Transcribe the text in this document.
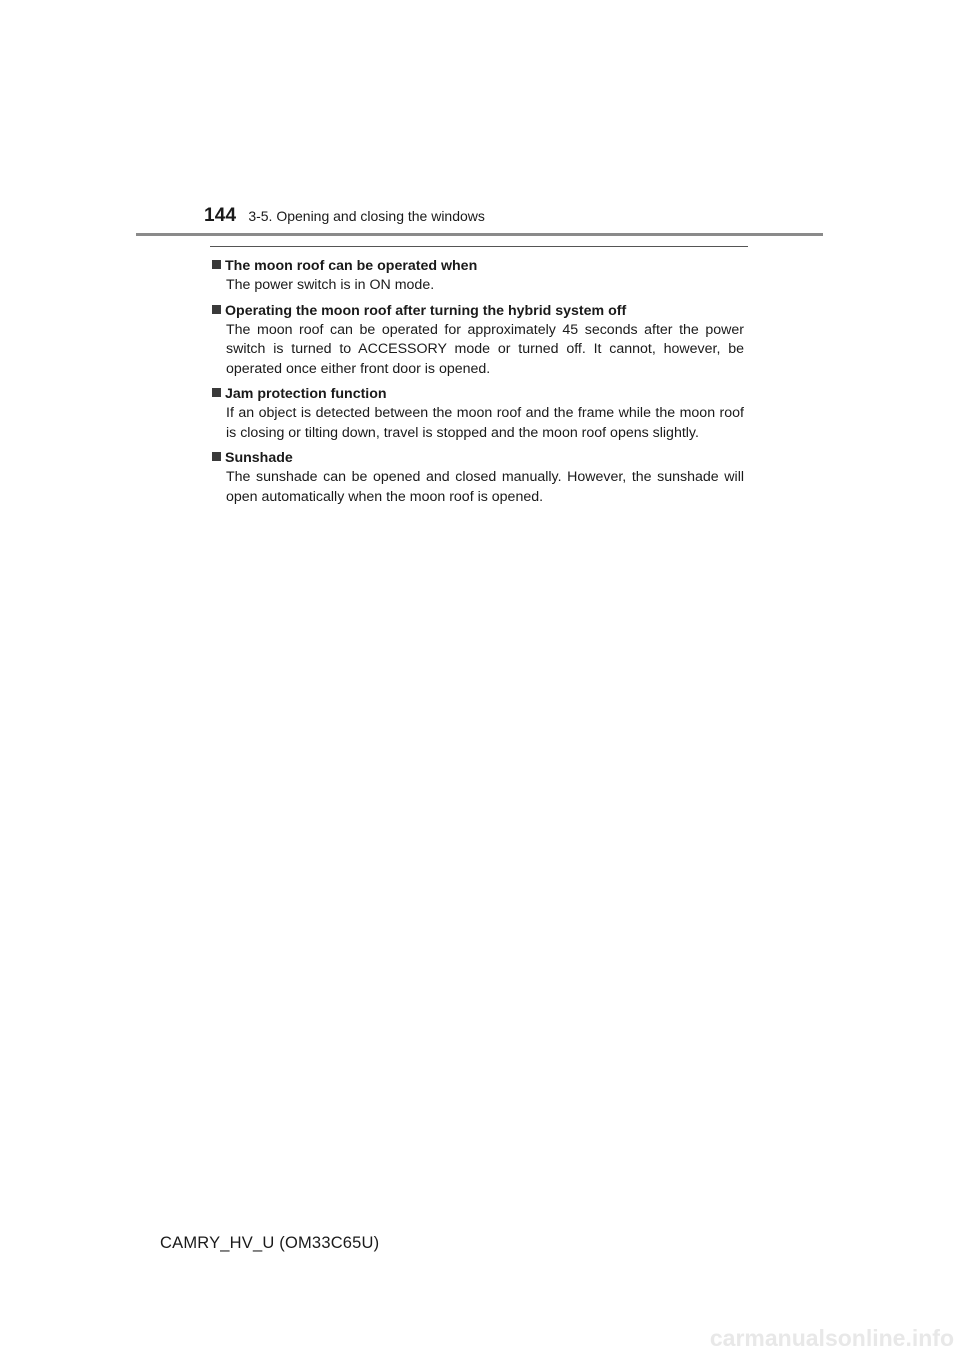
144 3-5. Opening and closing the windows
The moon roof can be operated when
The power switch is in ON mode.
Operating the moon roof after turning the hybrid system off
The moon roof can be operated for approximately 45 seconds after the power switch is turned to ACCESSORY mode or turned off. It cannot, however, be operated once either front door is opened.
Jam protection function
If an object is detected between the moon roof and the frame while the moon roof is closing or tilting down, travel is stopped and the moon roof opens slightly.
Sunshade
The sunshade can be opened and closed manually. However, the sunshade will open automatically when the moon roof is opened.
CAMRY_HV_U (OM33C65U)
carmanualsonline.info
